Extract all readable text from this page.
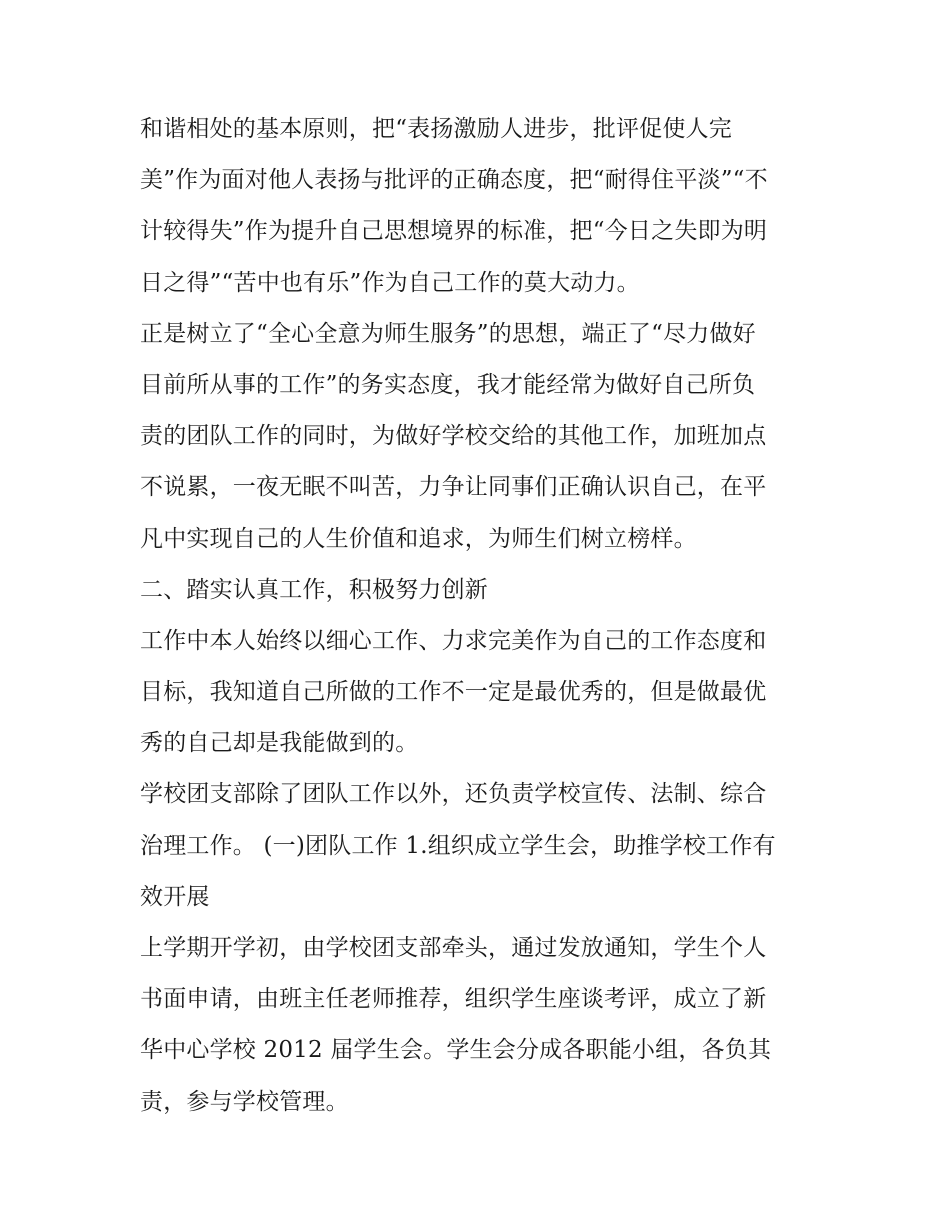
和谐相处的基本原则，把“表扬激励人进步，批评促使人完
美”作为面对他人表扬与批评的正确态度，把“耐得住平淡”“不
计较得失”作为提升自己思想境界的标准，把“今日之失即为明
日之得”“苦中也有乐”作为自己工作的莫大动力。
正是树立了“全心全意为师生服务”的思想，端正了“尽力做好
目前所从事的工作”的务实态度，我才能经常为做好自己所负
责的团队工作的同时，为做好学校交给的其他工作，加班加点
不说累，一夜无眠不叫苦，力争让同事们正确认识自己，在平
凡中实现自己的人生价值和追求，为师生们树立榜样。
二、踏实认真工作，积极努力创新
工作中本人始终以细心工作、力求完美作为自己的工作态度和
目标，我知道自己所做的工作不一定是最优秀的，但是做最优
秀的自己却是我能做到的。
学校团支部除了团队工作以外，还负责学校宣传、法制、综合
治理工作。 (一)团队工作 1.组织成立学生会，助推学校工作有
效开展
上学期开学初，由学校团支部牵头，通过发放通知，学生个人
书面申请，由班主任老师推荐，组织学生座谈考评，成立了新
华中心学校 2012 届学生会。学生会分成各职能小组，各负其
责，参与学校管理。
